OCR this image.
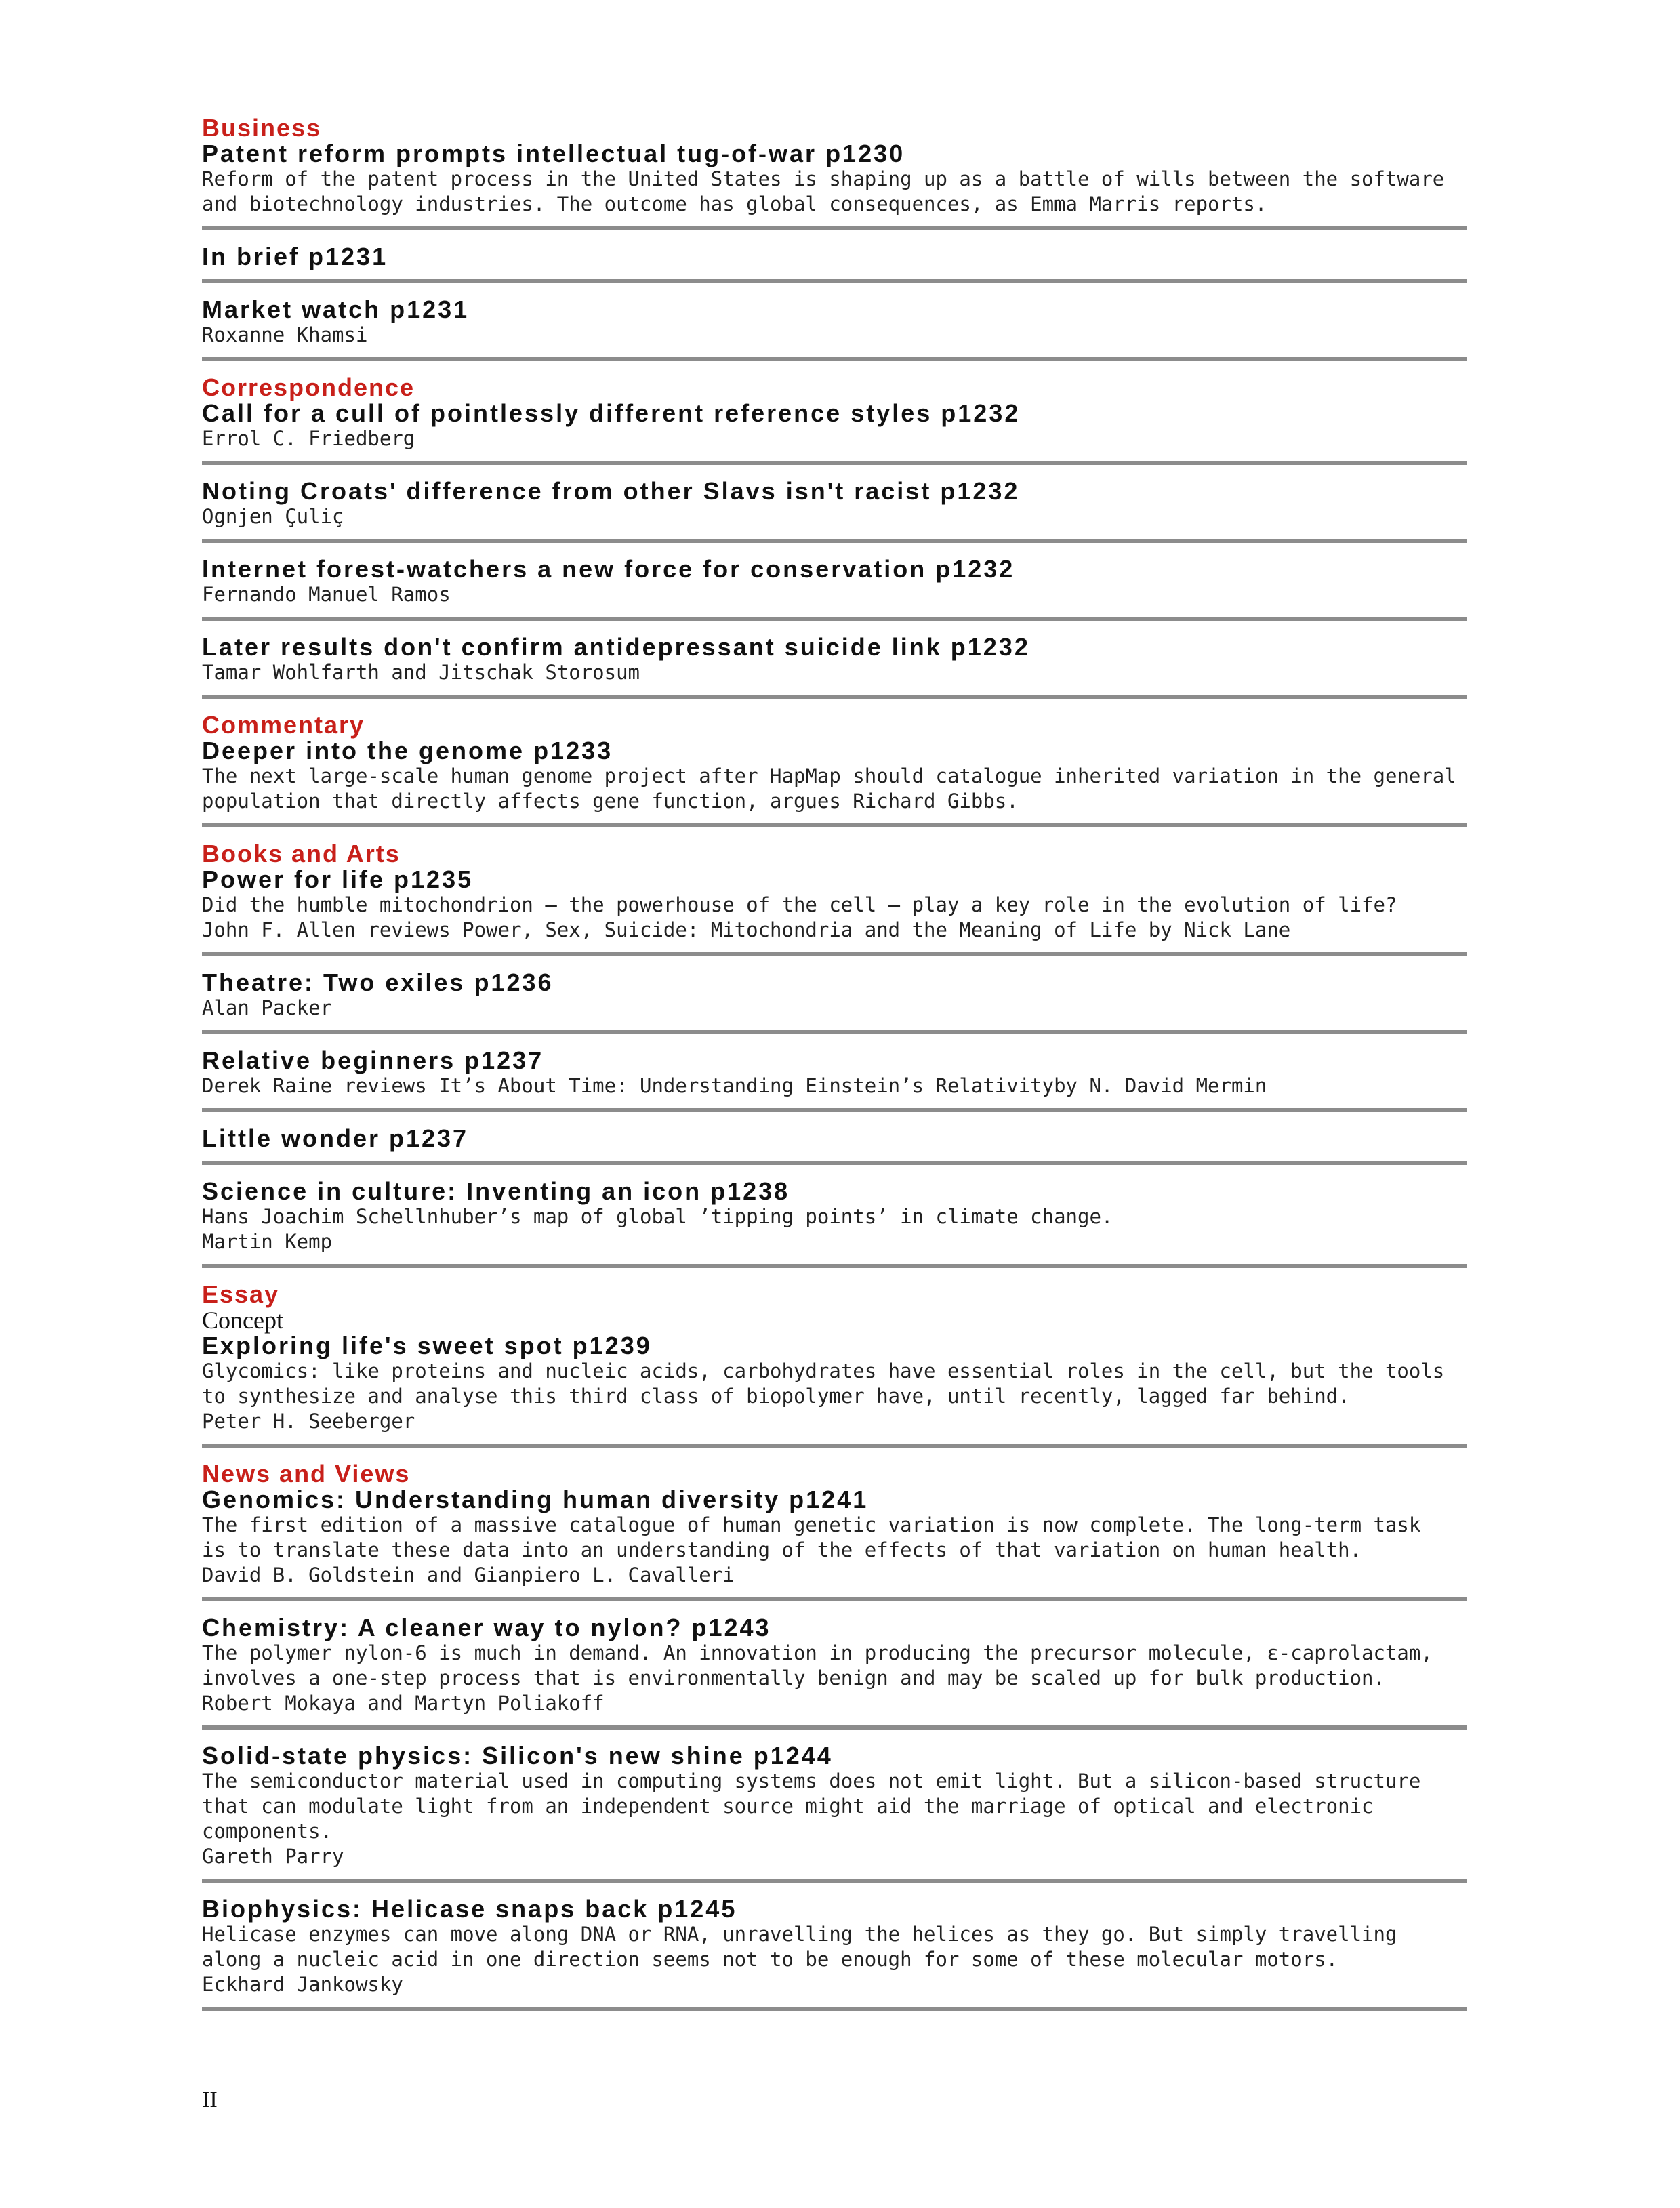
Business
Patent reform prompts intellectual tug-of-war p1230
Reform of the patent process in the United States is shaping up as a battle of wills between the software
and biotechnology industries. The outcome has global consequences, as Emma Marris reports.
In brief p1231
Market watch p1231
Roxanne Khamsi
Correspondence
Call for a cull of pointlessly different reference styles p1232
Errol C. Friedberg
Noting Croats' difference from other Slavs isn't racist p1232
Ognjen Çuliç
Internet forest-watchers a new force for conservation p1232
Fernando Manuel Ramos
Later results don't confirm antidepressant suicide link p1232
Tamar Wohlfarth and Jitschak Storosum
Commentary
Deeper into the genome p1233
The next large-scale human genome project after HapMap should catalogue inherited variation in the general
population that directly affects gene function, argues Richard Gibbs.
Books and Arts
Power for life p1235
Did the humble mitochondrion — the powerhouse of the cell — play a key role in the evolution of life?
John F. Allen reviews Power, Sex, Suicide: Mitochondria and the Meaning of Life by Nick Lane
Theatre: Two exiles p1236
Alan Packer
Relative beginners p1237
Derek Raine reviews It’s About Time: Understanding Einstein’s Relativityby N. David Mermin
Little wonder p1237
Science in culture: Inventing an icon p1238
Hans Joachim Schellnhuber’s map of global ’tipping points’ in climate change.
Martin Kemp
Essay
Concept
Exploring life's sweet spot p1239
Glycomics: like proteins and nucleic acids, carbohydrates have essential roles in the cell, but the tools
to synthesize and analyse this third class of biopolymer have, until recently, lagged far behind.
Peter H. Seeberger
News and Views
Genomics: Understanding human diversity p1241
The first edition of a massive catalogue of human genetic variation is now complete. The long-term task
is to translate these data into an understanding of the effects of that variation on human health.
David B. Goldstein and Gianpiero L. Cavalleri
Chemistry: A cleaner way to nylon? p1243
The polymer nylon-6 is much in demand. An innovation in producing the precursor molecule, ε-caprolactam,
involves a one-step process that is environmentally benign and may be scaled up for bulk production.
Robert Mokaya and Martyn Poliakoff
Solid-state physics: Silicon's new shine p1244
The semiconductor material used in computing systems does not emit light. But a silicon-based structure
that can modulate light from an independent source might aid the marriage of optical and electronic
components.
Gareth Parry
Biophysics: Helicase snaps back p1245
Helicase enzymes can move along DNA or RNA, unravelling the helices as they go. But simply travelling
along a nucleic acid in one direction seems not to be enough for some of these molecular motors.
Eckhard Jankowsky
II
